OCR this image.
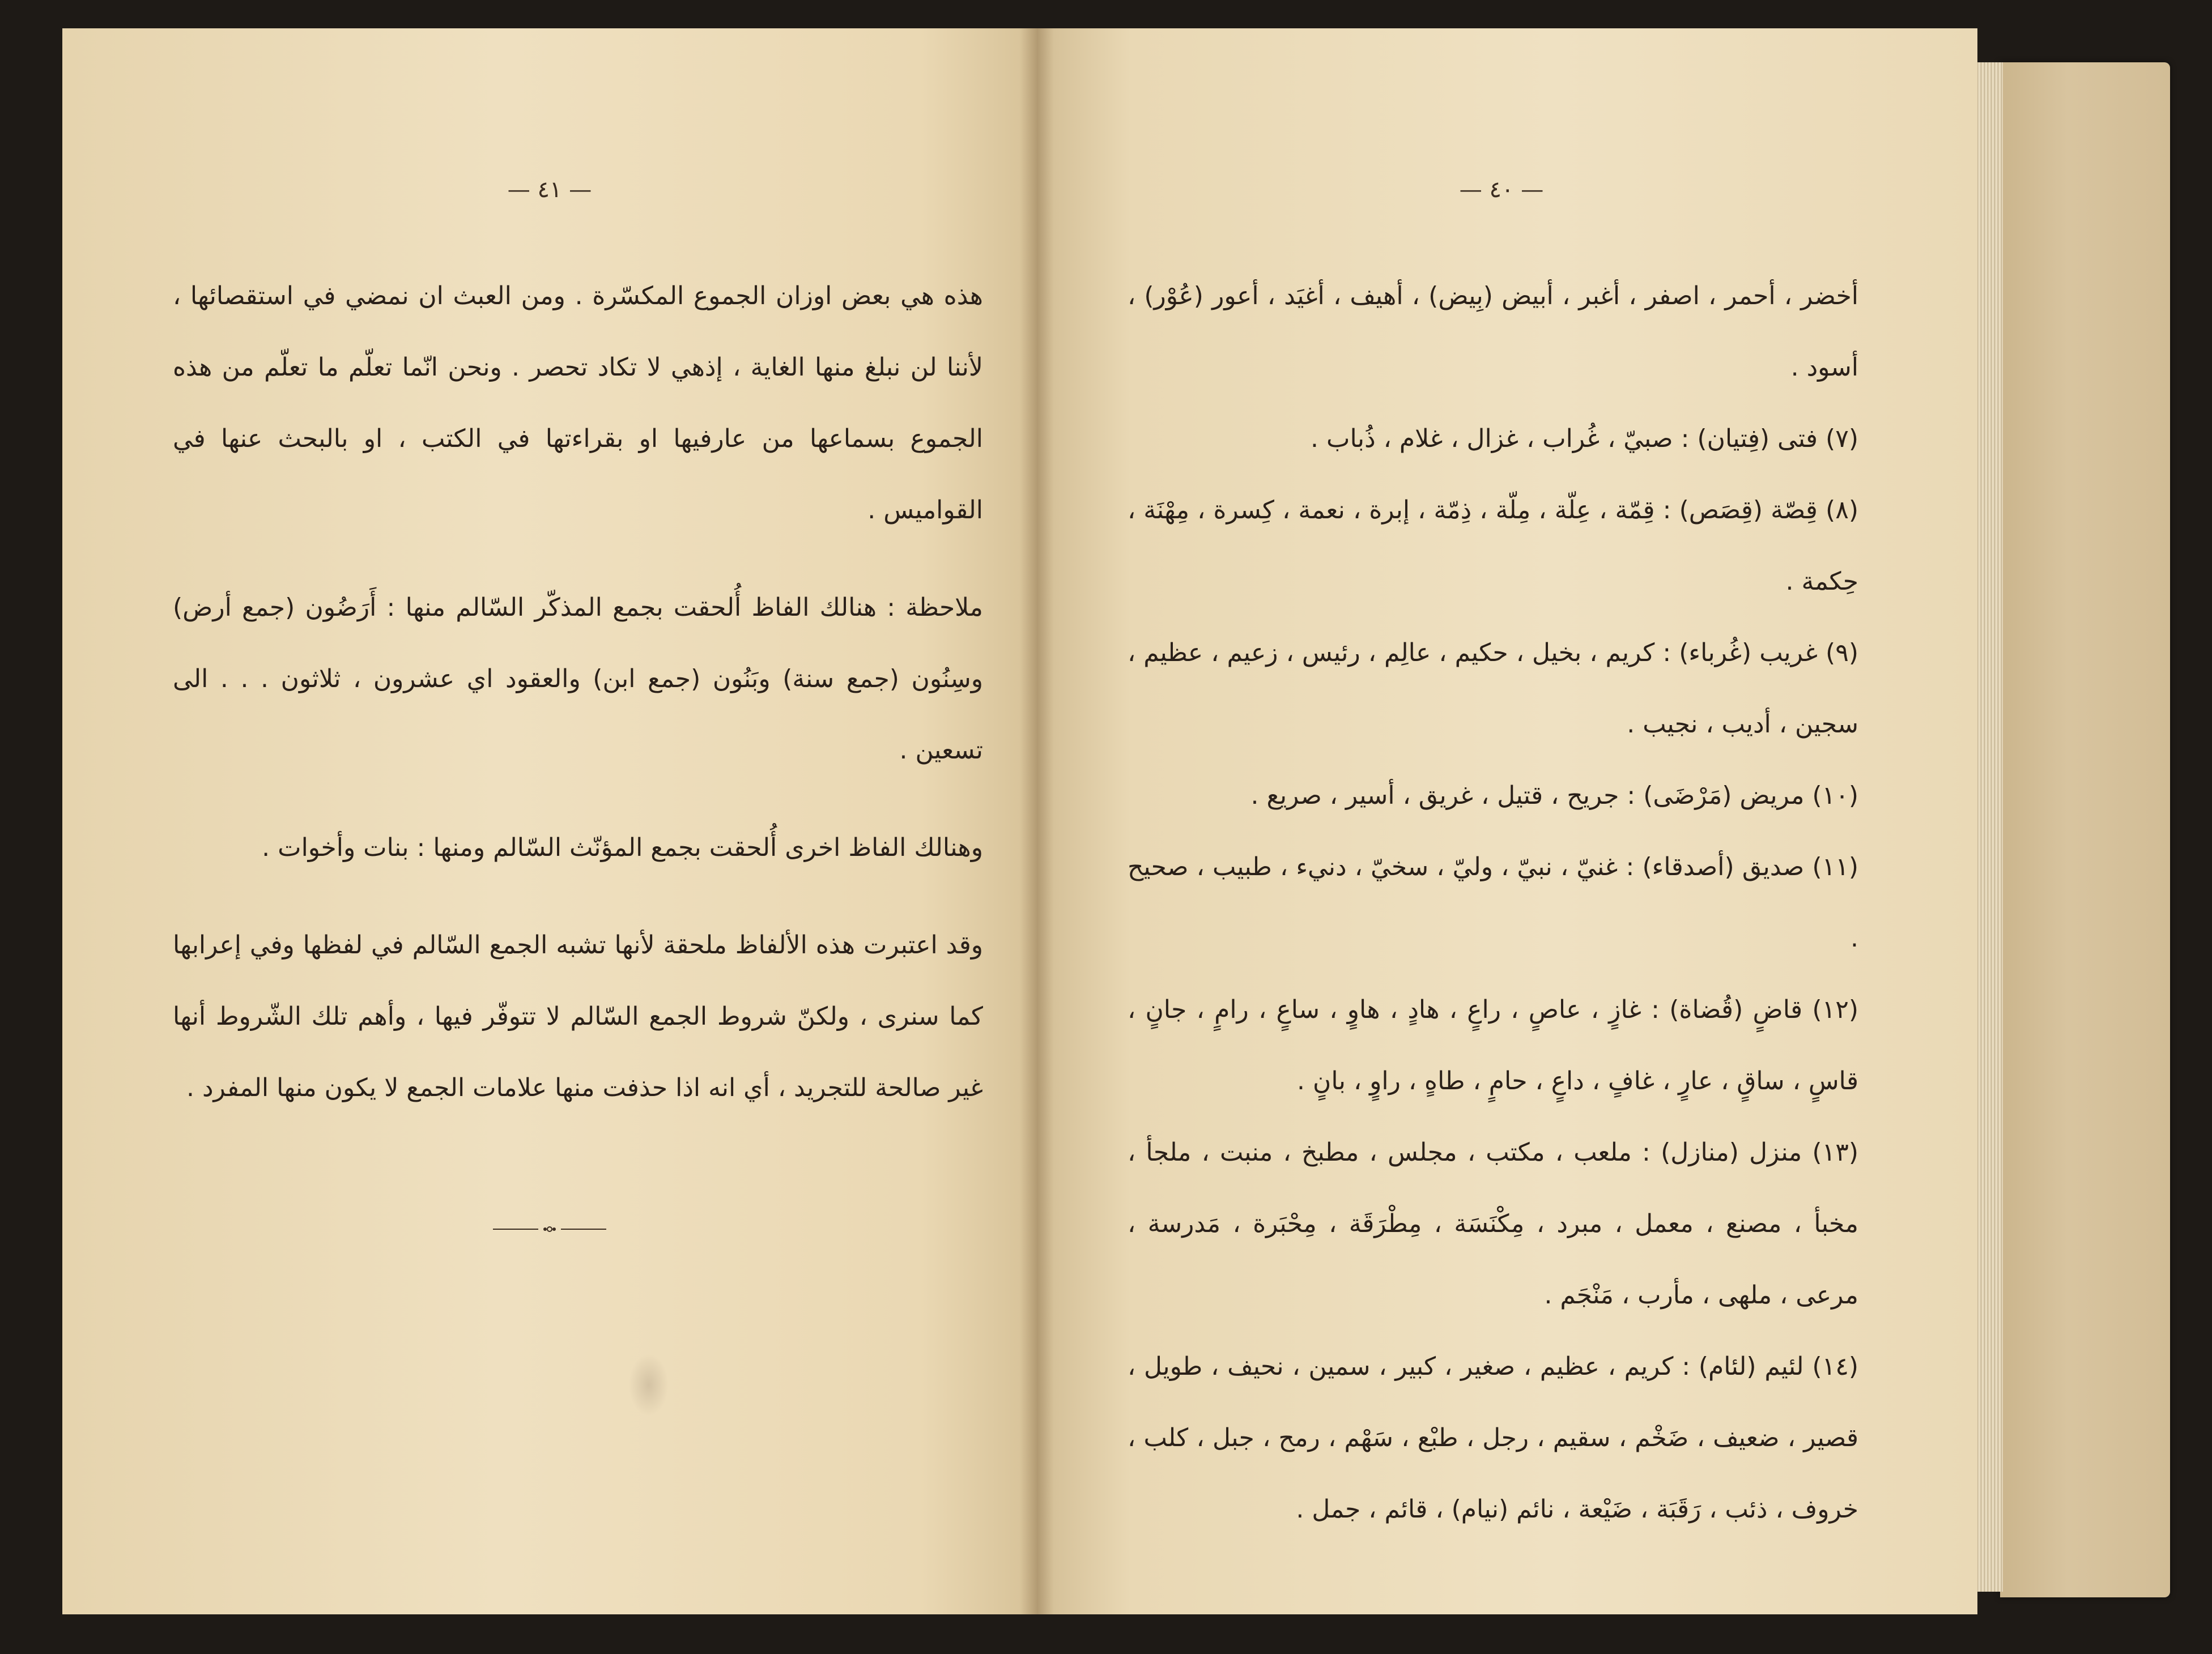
— ٤١ —

هذه هي بعض اوزان الجموع المكسّرة . ومن العبث ان نمضي في استقصائها ، لأننا لن نبلغ منها الغاية ، إذهي لا تكاد تحصر . ونحن انّما تعلّم ما تعلّم من هذه الجموع بسماعها من عارفيها او بقراءتها في الكتب ، او بالبحث عنها في القواميس .

ملاحظة : هنالك الفاظ أُلحقت بجمع المذكّر السّالم منها : أَرَضُون (جمع أرض) وسِنُون (جمع سنة) وبَنُون (جمع ابن) والعقود اي عشرون ، ثلاثون . . . الى تسعين .

وهنالك الفاظ اخرى أُلحقت بجمع المؤنّث السّالم ومنها : بنات وأخوات .

وقد اعتبرت هذه الألفاظ ملحقة لأنها تشبه الجمع السّالم في لفظها وفي إعرابها كما سنرى ، ولكنّ شروط الجمع السّالم لا تتوفّر فيها ، وأهم تلك الشّروط أنها غير صالحة للتجريد ، أي انه اذا حذفت منها علامات الجمع لا يكون منها المفرد .

— ٤٠ —

أخضر ، أحمر ، اصفر ، أغبر ، أبيض (بِيض) ، أهيف ، أغيَد ، أعور (عُوْر) ، أسود .

(٧) فتى (فِتيان) : صبيّ ، غُراب ، غزال ، غلام ، ذُباب .

(٨) قِصّة (قِصَص) : قِمّة ، عِلّة ، مِلّة ، ذِمّة ، إبرة ، نعمة ، كِسرة ، مِهْنَة ، حِكمة .

(٩) غريب (غُرباء) : كريم ، بخيل ، حكيم ، عالِم ، رئيس ، زعيم ، عظيم ، سجين ، أديب ، نجيب .

(١٠) مريض (مَرْضَى) : جريح ، قتيل ، غريق ، أسير ، صريع .

(١١) صديق (أصدقاء) : غنيّ ، نبيّ ، وليّ ، سخيّ ، دنيء ، طبيب ، صحيح .

(١٢) قاضٍ (قُضاة) : غازٍ ، عاصٍ ، راعٍ ، هادٍ ، هاوٍ ، ساعٍ ، رامٍ ، جانٍ ، قاسٍ ، ساقٍ ، عارٍ ، غافٍ ، داعٍ ، حامٍ ، طاهٍ ، راوٍ ، بانٍ .

(١٣) منزل (منازل) : ملعب ، مكتب ، مجلس ، مطبخ ، منبت ، ملجأ ، مخبأ ، مصنع ، معمل ، مبرد ، مِكْنَسَة ، مِطْرَقَة ، مِحْبَرة ، مَدرسة ، مرعى ، ملهى ، مأرب ، مَنْجَم .

(١٤) لئيم (لئام) : كريم ، عظيم ، صغير ، كبير ، سمين ، نحيف ، طويل ، قصير ، ضعيف ، ضَخْم ، سقيم ، رجل ، طبْع ، سَهْم ، رمح ، جبل ، كلب ، خروف ، ذئب ، رَقَبَة ، ضَيْعة ، نائم (نيام) ، قائم ، جمل .
